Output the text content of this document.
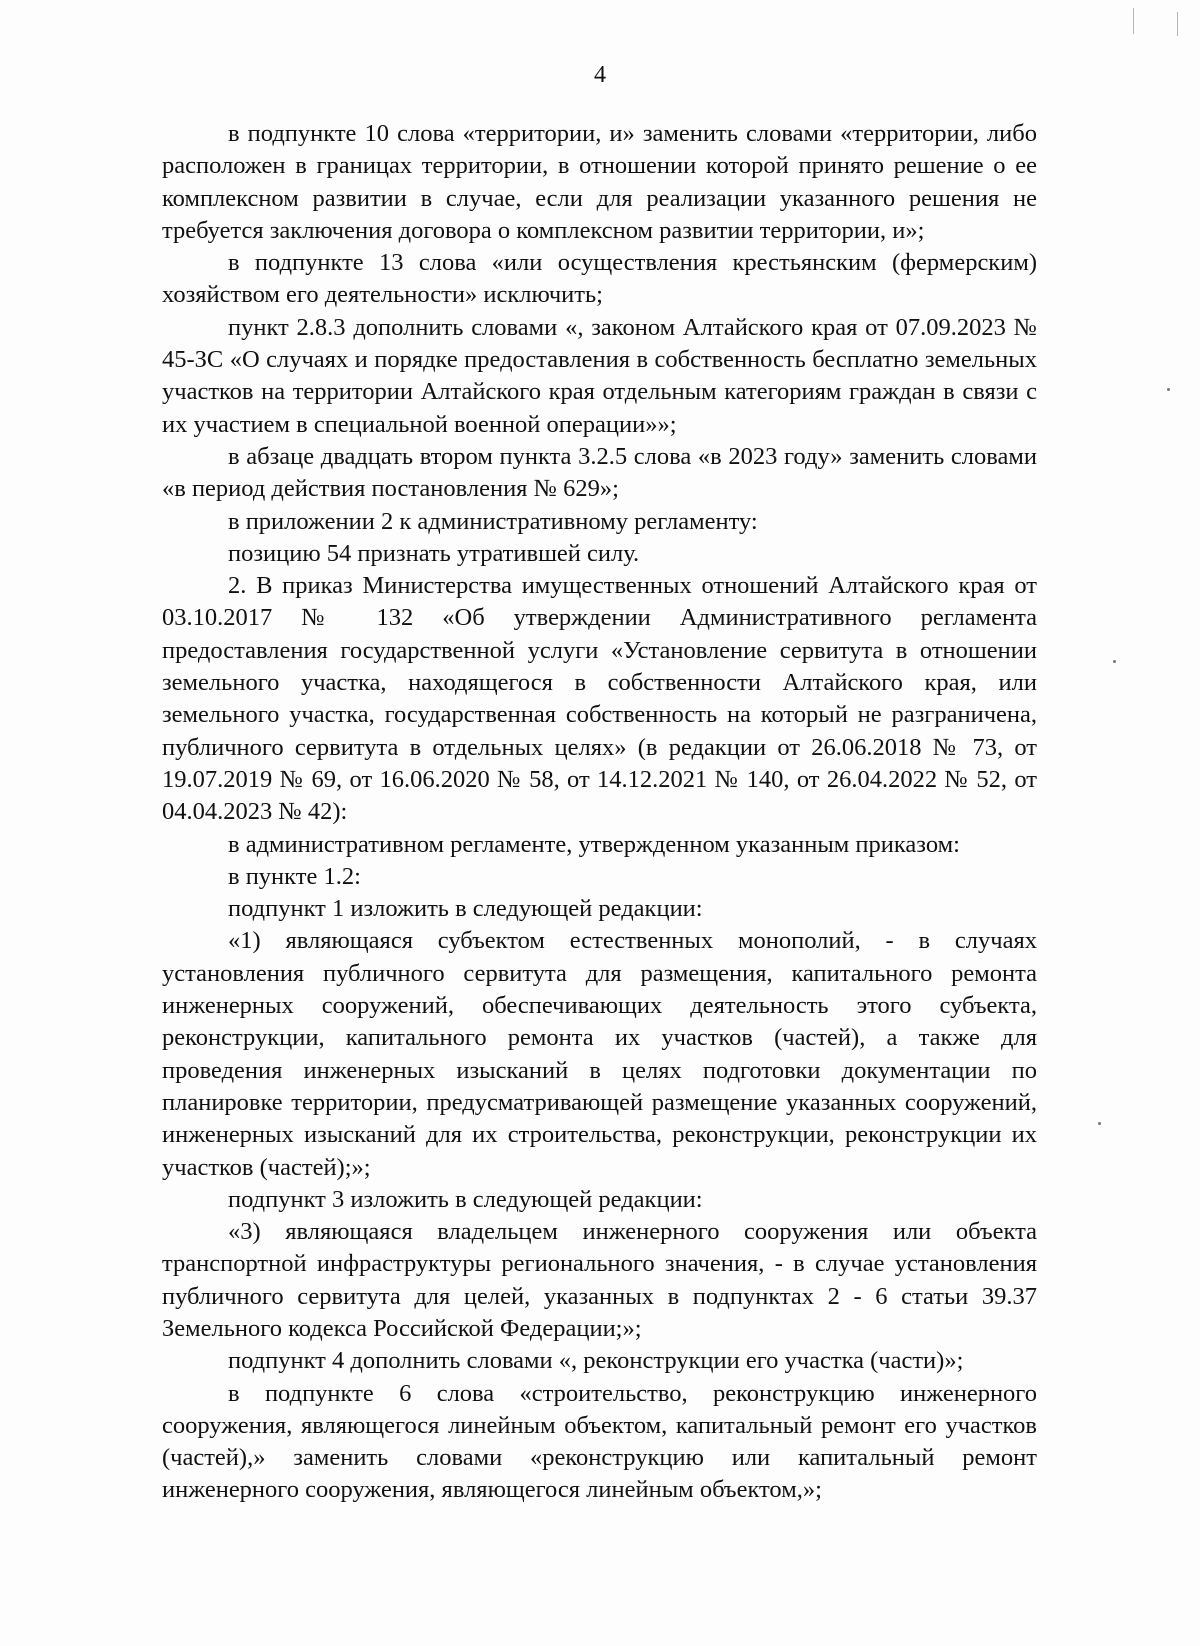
4

в подпункте 10 слова «территории, и» заменить словами «территории, либо расположен в границах территории, в отношении которой принято решение о ее комплексном развитии в случае, если для реализации указанного решения не требуется заключения договора о комплексном развитии территории, и»;

в подпункте 13 слова «или осуществления крестьянским (фермерским) хозяйством его деятельности» исключить;

пункт 2.8.3 дополнить словами «, законом Алтайского края от 07.09.2023 № 45-ЗС «О случаях и порядке предоставления в собственность бесплатно земельных участков на территории Алтайского края отдельным категориям граждан в связи с их участием в специальной военной операции»»;

в абзаце двадцать втором пункта 3.2.5 слова «в 2023 году» заменить словами «в период действия постановления № 629»;

в приложении 2 к административному регламенту:

позицию 54 признать утратившей силу.

2. В приказ Министерства имущественных отношений Алтайского края от 03.10.2017 № 132 «Об утверждении Административного регламента предоставления государственной услуги «Установление сервитута в отношении земельного участка, находящегося в собственности Алтайского края, или земельного участка, государственная собственность на который не разграничена, публичного сервитута в отдельных целях» (в редакции от 26.06.2018 № 73, от 19.07.2019 № 69, от 16.06.2020 № 58, от 14.12.2021 № 140, от 26.04.2022 № 52, от 04.04.2023 № 42):

в административном регламенте, утвержденном указанным приказом:

в пункте 1.2:

подпункт 1 изложить в следующей редакции:

«1) являющаяся субъектом естественных монополий, - в случаях установления публичного сервитута для размещения, капитального ремонта инженерных сооружений, обеспечивающих деятельность этого субъекта, реконструкции, капитального ремонта их участков (частей), а также для проведения инженерных изысканий в целях подготовки документации по планировке территории, предусматривающей размещение указанных сооружений, инженерных изысканий для их строительства, реконструкции, реконструкции их участков (частей);»;

подпункт 3 изложить в следующей редакции:

«3) являющаяся владельцем инженерного сооружения или объекта транспортной инфраструктуры регионального значения, - в случае установления публичного сервитута для целей, указанных в подпунктах 2 - 6 статьи 39.37 Земельного кодекса Российской Федерации;»;

подпункт 4 дополнить словами «, реконструкции его участка (части)»;

в подпункте 6 слова «строительство, реконструкцию инженерного сооружения, являющегося линейным объектом, капитальный ремонт его участков (частей),» заменить словами «реконструкцию или капитальный ремонт инженерного сооружения, являющегося линейным объектом,»;
